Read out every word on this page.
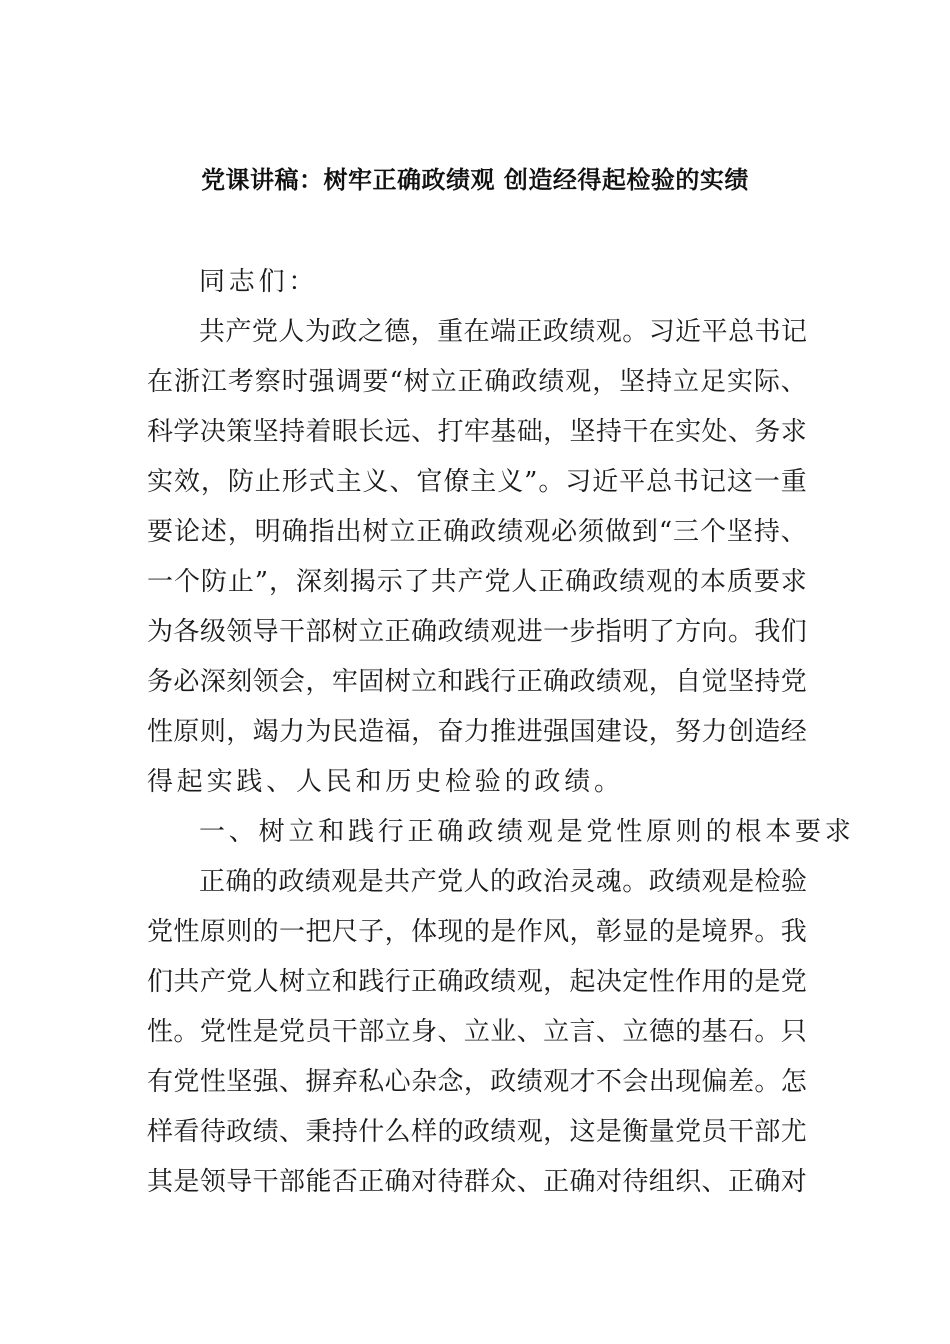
党课讲稿：树牢正确政绩观 创造经得起检验的实绩
同志们：
共 产 党 人 为 政 之 德 ， 重 在 端 正 政 绩 观 。 习 近 平 总 书 记
在 浙 江 考 察 时 强 调 要 “ 树 立 正 确 政 绩 观 ， 坚 持 立 足 实 际 、
科 学 决 策 坚 持 着 眼 长 远 、 打 牢 基 础 ， 坚 持 干 在 实 处 、 务 求
实 效 ， 防 止 形 式 主 义 、 官 僚 主 义 ” 。 习 近 平 总 书 记 这 一 重
要 论 述 ， 明 确 指 出 树 立 正 确 政 绩 观 必 须 做 到 “ 三 个 坚 持 、
一 个 防 止 ” ， 深 刻 揭 示 了 共 产 党 人 正 确 政 绩 观 的 本 质 要 求
为 各 级 领 导 干 部 树 立 正 确 政 绩 观 进 一 步 指 明 了 方 向 。 我 们
务 必 深 刻 领 会 ， 牢 固 树 立 和 践 行 正 确 政 绩 观 ， 自 觉 坚 持 党
性 原 则 ， 竭 力 为 民 造 福 ， 奋 力 推 进 强 国 建 设 ， 努 力 创 造 经
得起实践、人民和历史检验的政绩。
一、树立和践行正确政绩观是党性原则的根本要求
正 确 的 政 绩 观 是 共 产 党 人 的 政 治 灵 魂 。 政 绩 观 是 检 验
党 性 原 则 的 一 把 尺 子 ， 体 现 的 是 作 风 ， 彰 显 的 是 境 界 。 我
们 共 产 党 人 树 立 和 践 行 正 确 政 绩 观 ， 起 决 定 性 作 用 的 是 党
性 。 党 性 是 党 员 干 部 立 身 、 立 业 、 立 言 、 立 德 的 基 石 。 只
有 党 性 坚 强 、 摒 弃 私 心 杂 念 ， 政 绩 观 才 不 会 出 现 偏 差 。 怎
样 看 待 政 绩 、 秉 持 什 么 样 的 政 绩 观 ， 这 是 衡 量 党 员 干 部 尤
其 是 领 导 干 部 能 否 正 确 对 待 群 众 、 正 确 对 待 组 织 、 正 确 对
